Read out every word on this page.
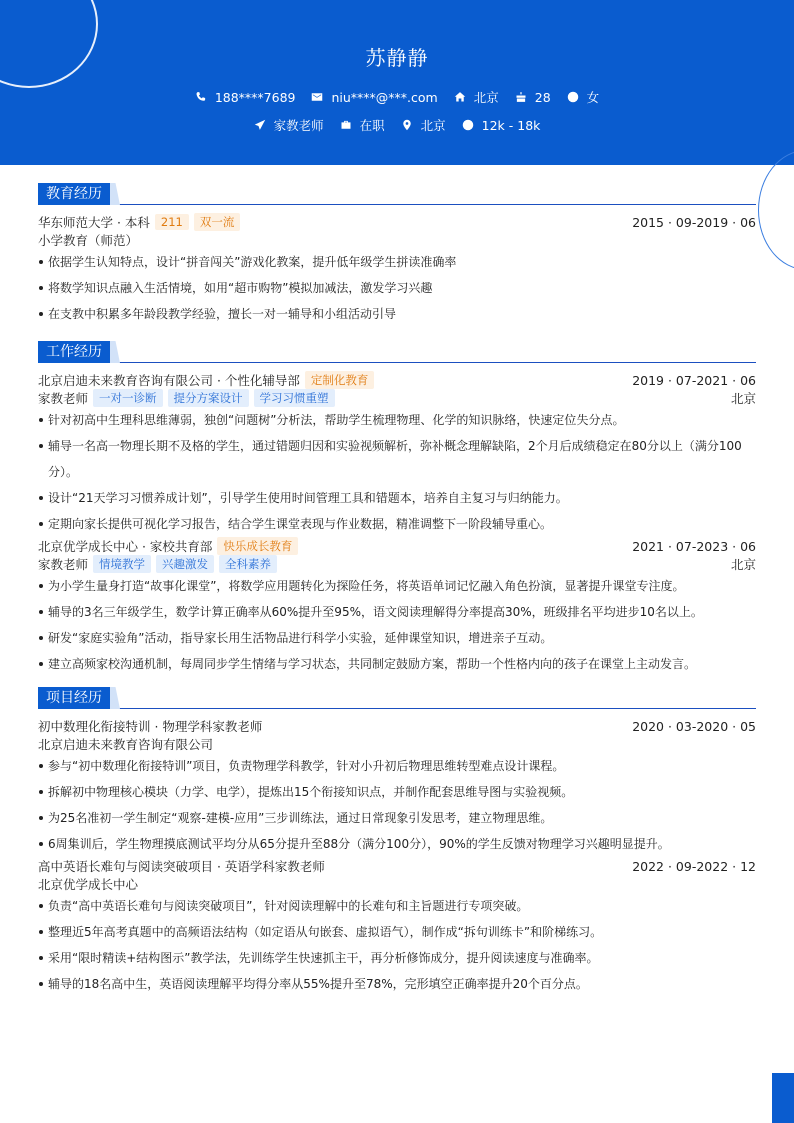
苏静静
188****7689	niu****@***.com	北京	28	女
家教老师	在职	北京	12k - 18k
教育经历
华东师范大学 · 本科 211	双一流	2015 · 09-2019 · 06
小学教育（师范）
依据学生认知特点，设计“拼音闯关”游戏化教案，提升低年级学生拼读准确率
将数学知识点融入生活情境，如用“超市购物”模拟加减法，激发学习兴趣
在支教中积累多年龄段教学经验，擅长一对一辅导和小组活动引导
工作经历
北京启迪未来教育咨询有限公司 · 个性化辅导部 定制化教育	2019 · 07-2021 · 06
家教老师 一对一诊断	提分方案设计	学习习惯重塑	北京
针对初高中生理科思维薄弱，独创“问题树”分析法，帮助学生梳理物理、化学的知识脉络，快速定位失分点。
辅导一名高一物理长期不及格的学生，通过错题归因和实验视频解析，弥补概念理解缺陷，2个月后成绩稳定在80分以上（满分100
分）。
设计“21天学习习惯养成计划”，引导学生使用时间管理工具和错题本，培养自主复习与归纳能力。
定期向家长提供可视化学习报告，结合学生课堂表现与作业数据，精准调整下一阶段辅导重心。
北京优学成长中心 · 家校共育部 快乐成长教育	2021 · 07-2023 · 06
家教老师 情境教学	兴趣激发	全科素养	北京
为小学生量身打造“故事化课堂”，将数学应用题转化为探险任务，将英语单词记忆融入角色扮演，显著提升课堂专注度。
辅导的3名三年级学生，数学计算正确率从60%提升至95%，语文阅读理解得分率提高30%，班级排名平均进步10名以上。
研发“家庭实验角”活动，指导家长用生活物品进行科学小实验，延伸课堂知识，增进亲子互动。
建立高频家校沟通机制，每周同步学生情绪与学习状态，共同制定鼓励方案，帮助一个性格内向的孩子在课堂上主动发言。
项目经历
初中数理化衔接特训 · 物理学科家教老师	2020 · 03-2020 · 05
北京启迪未来教育咨询有限公司
参与“初中数理化衔接特训”项目，负责物理学科教学，针对小升初后物理思维转型难点设计课程。
拆解初中物理核心模块（力学、电学），提炼出15个衔接知识点，并制作配套思维导图与实验视频。
为25名准初一学生制定“观察-建模-应用”三步训练法，通过日常现象引发思考，建立物理思维。
6周集训后，学生物理摸底测试平均分从65分提升至88分（满分100分），90%的学生反馈对物理学习兴趣明显提升。
高中英语长难句与阅读突破项目 · 英语学科家教老师	2022 · 09-2022 · 12
北京优学成长中心
负责“高中英语长难句与阅读突破项目”，针对阅读理解中的长难句和主旨题进行专项突破。
整理近5年高考真题中的高频语法结构（如定语从句嵌套、虚拟语气），制作成“拆句训练卡”和阶梯练习。
采用“限时精读+结构图示”教学法，先训练学生快速抓主干，再分析修饰成分，提升阅读速度与准确率。
辅导的18名高中生，英语阅读理解平均得分率从55%提升至78%，完形填空正确率提升20个百分点。
